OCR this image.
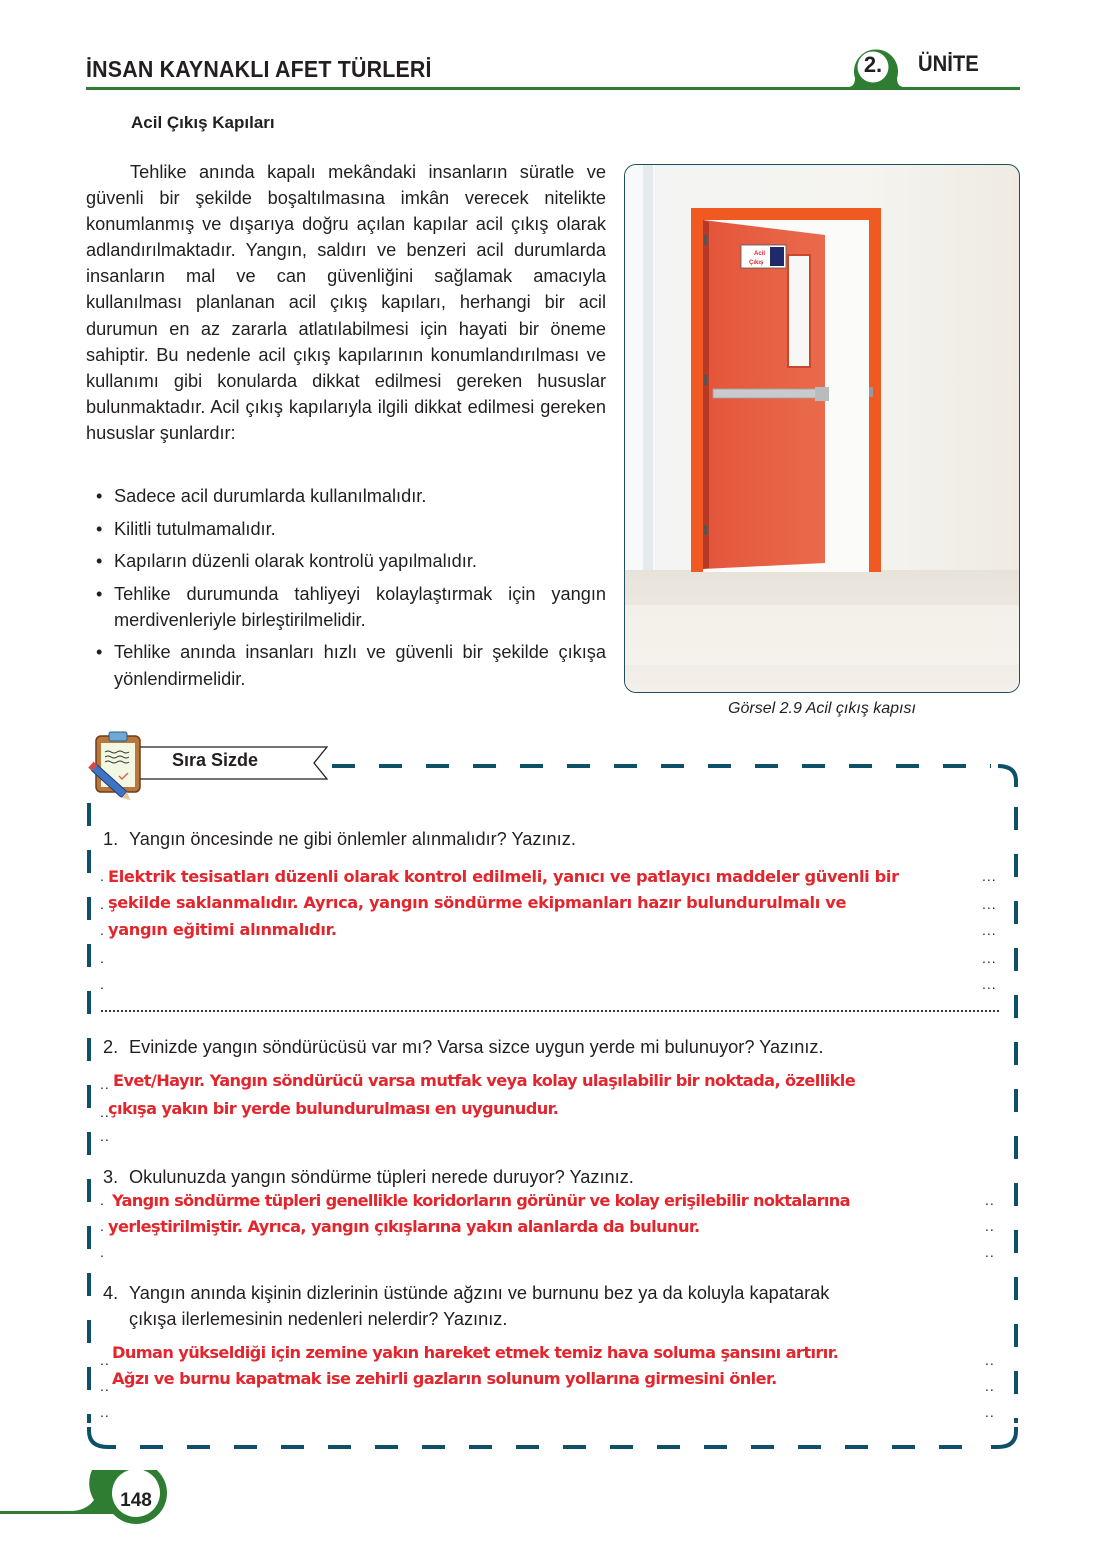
İNSAN KAYNAKLI AFET TÜRLERİ	2.	ÜNİTE
Acil Çıkış Kapıları

Tehlike anında kapalı mekândaki insanların süratle ve güvenli bir şekilde boşaltılmasına imkân verecek nitelikte konumlanmış ve dışarıya doğru açılan kapılar acil çıkış olarak adlandırılmaktadır. Yangın, saldırı ve benzeri acil durumlarda insanların mal ve can güvenliğini sağlamak amacıyla kullanılması planlanan acil çıkış kapıları, herhangi bir acil durumun en az zararla atlatılabilmesi için hayati bir öneme sahiptir. Bu nedenle acil çıkış kapılarının konumlandırılması ve kullanımı gibi konularda dikkat edilmesi gereken hususlar bulunmaktadır. Acil çıkış kapılarıyla ilgili dikkat edilmesi gereken hususlar şunlardır:

• Sadece acil durumlarda kullanılmalıdır.
• Kilitli tutulmamalıdır.
• Kapıların düzenli olarak kontrolü yapılmalıdır.
• Tehlike durumunda tahliyeyi kolaylaştırmak için yangın merdivenleriyle birleştirilmelidir.
• Tehlike anında insanları hızlı ve güvenli bir şekilde çıkışa yönlendirmelidir.
Acil
Çıkış
Görsel 2.9 Acil çıkış kapısı
Sıra Sizde
1. Yangın öncesinde ne gibi önlemler alınmalıdır? Yazınız.
.
.
.
.
.
...
...
...
...
...
Elektrik tesisatları düzenli olarak kontrol edilmeli, yanıcı ve patlayıcı maddeler güvenli bir
şekilde saklanmalıdır. Ayrıca, yangın söndürme ekipmanları hazır bulundurulmalı ve
yangın eğitimi alınmalıdır.
2. Evinizde yangın söndürücüsü var mı? Varsa sizce uygun yerde mi bulunuyor? Yazınız.
..
..
..
Evet/Hayır. Yangın söndürücü varsa mutfak veya kolay ulaşılabilir bir noktada, özellikle
çıkışa yakın bir yerde bulundurulması en uygunudur.
3. Okulunuzda yangın söndürme tüpleri nerede duruyor? Yazınız.
.
.
.
..
..
..
Yangın söndürme tüpleri genellikle koridorların görünür ve kolay erişilebilir noktalarına
yerleştirilmiştir. Ayrıca, yangın çıkışlarına yakın alanlarda da bulunur.
4. Yangın anında kişinin dizlerinin üstünde ağzını ve burnunu bez ya da koluyla kapatarak
çıkışa ilerlemesinin nedenleri nelerdir? Yazınız.
..
..
..
..
..
..
Duman yükseldiği için zemine yakın hareket etmek temiz hava soluma şansını artırır.
Ağzı ve burnu kapatmak ise zehirli gazların solunum yollarına girmesini önler.
148
